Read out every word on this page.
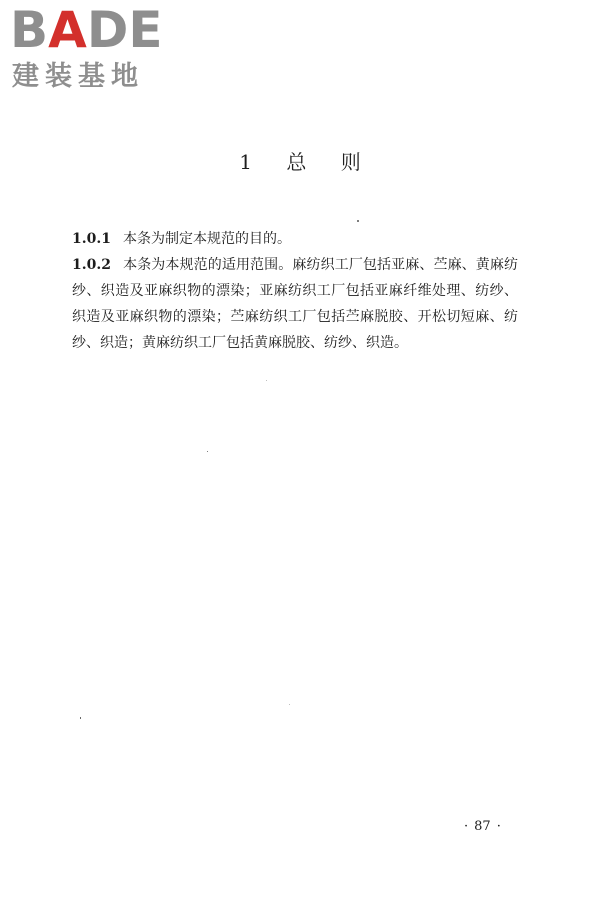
BADE
建装基地
1 总 则

1.0.1 本条为制定本规范的目的。

1.0.2 本条为本规范的适用范围。麻纺织工厂包括亚麻、苎麻、黄麻纺纱、织造及亚麻织物的漂染；亚麻纺织工厂包括亚麻纤维处理、纺纱、织造及亚麻织物的漂染；苎麻纺织工厂包括苎麻脱胶、开松切短麻、纺纱、织造；黄麻纺织工厂包括黄麻脱胶、纺纱、织造。

· 87 ·
